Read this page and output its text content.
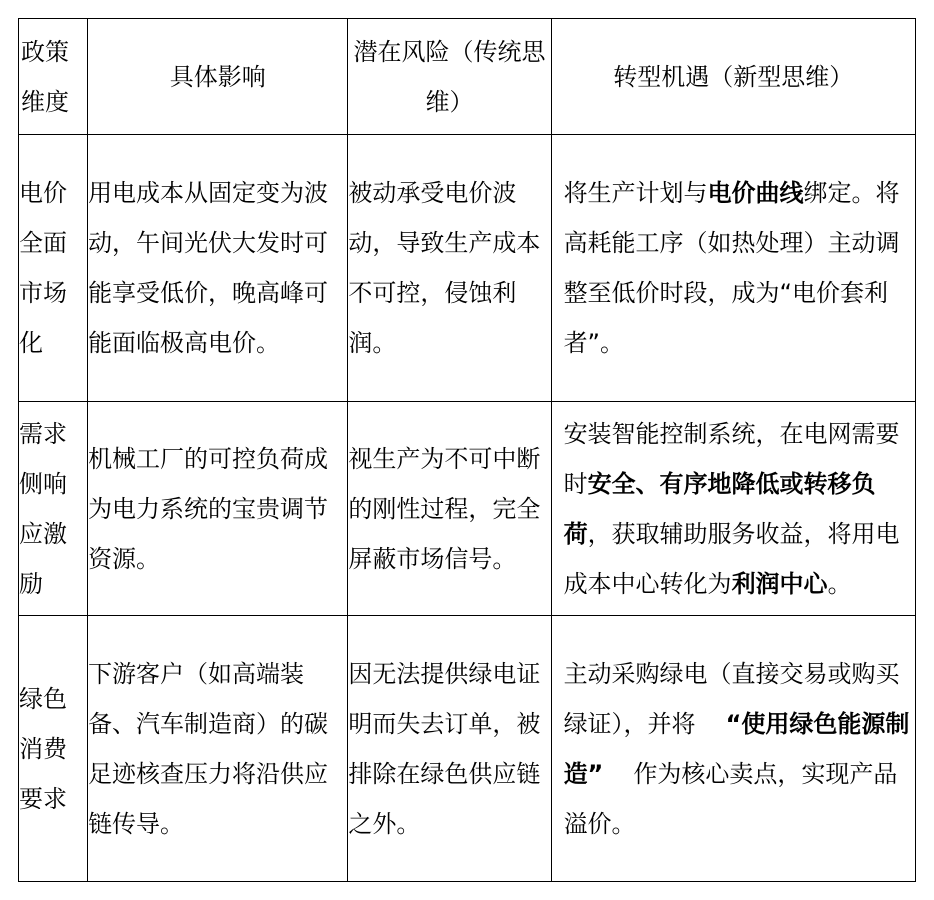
政策维度	具体影响	潜在风险（传统思维）	转型机遇（新型思维）
电价全面市场化	用电成本从固定变为波动，午间光伏大发时可能享受低价，晚高峰可能面临极高电价。	被动承受电价波动，导致生产成本不可控，侵蚀利润。	将生产计划与电价曲线绑定。将高耗能工序（如热处理）主动调整至低价时段，成为“电价套利者”。
需求侧响应激励	机械工厂的可控负荷成为电力系统的宝贵调节资源。	视生产为不可中断的刚性过程，完全屏蔽市场信号。	安装智能控制系统，在电网需要时安全、有序地降低或转移负荷，获取辅助服务收益，将用电成本中心转化为利润中心。
绿色消费要求	下游客户（如高端装备、汽车制造商）的碳足迹核查压力将沿供应链传导。	因无法提供绿电证明而失去订单，被排除在绿色供应链之外。	主动采购绿电（直接交易或购买绿证），并将 “使用绿色能源制造” 作为核心卖点，实现产品溢价。
